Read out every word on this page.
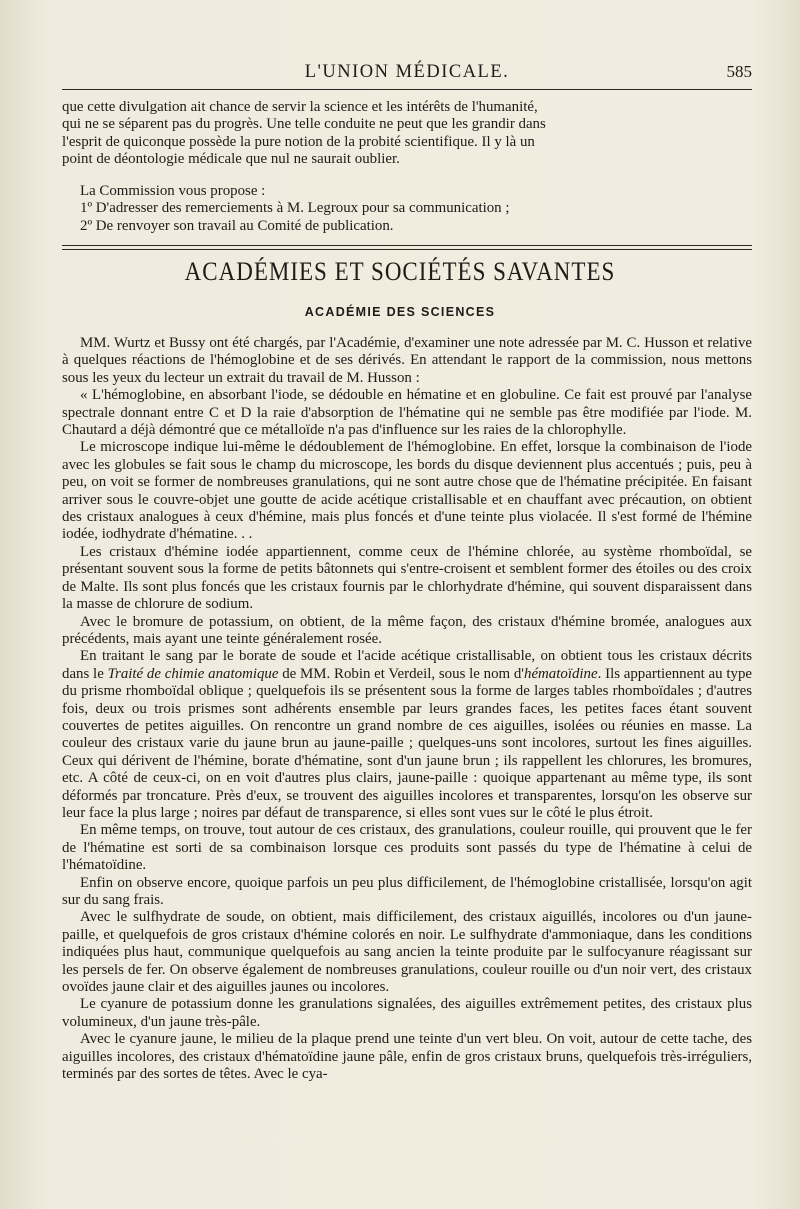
L'UNION MÉDICALE.	585
que cette divulgation ait chance de servir la science et les intérêts de l'humanité,
qui ne se séparent pas du progrès. Une telle conduite ne peut que les grandir dans
l'esprit de quiconque possède la pure notion de la probité scientifique. Il y là un
point de déontologie médicale que nul ne saurait oublier.
La Commission vous propose :
1º D'adresser des remerciements à M. Legroux pour sa communication ;
2º De renvoyer son travail au Comité de publication.
ACADÉMIES ET SOCIÉTÉS SAVANTES
ACADÉMIE DES SCIENCES

MM. Wurtz et Bussy ont été chargés, par l'Académie, d'examiner une note adressée par M. C. Husson et relative à quelques réactions de l'hémoglobine et de ses dérivés. En attendant le rapport de la commission, nous mettons sous les yeux du lecteur un extrait du travail de M. Husson :

« L'hémoglobine, en absorbant l'iode, se dédouble en hématine et en globuline. Ce fait est prouvé par l'analyse spectrale donnant entre C et D la raie d'absorption de l'hématine qui ne semble pas être modifiée par l'iode. M. Chautard a déjà démontré que ce métalloïde n'a pas d'influence sur les raies de la chlorophylle.

Le microscope indique lui-même le dédoublement de l'hémoglobine. En effet, lorsque la combinaison de l'iode avec les globules se fait sous le champ du microscope, les bords du disque deviennent plus accentués ; puis, peu à peu, on voit se former de nombreuses granulations, qui ne sont autre chose que de l'hématine précipitée. En faisant arriver sous le couvre-objet une goutte de acide acétique cristallisable et en chauffant avec précaution, on obtient des cristaux analogues à ceux d'hémine, mais plus foncés et d'une teinte plus violacée. Il s'est formé de l'hémine iodée, iodhydrate d'hématine. . .

Les cristaux d'hémine iodée appartiennent, comme ceux de l'hémine chlorée, au système rhomboïdal, se présentant souvent sous la forme de petits bâtonnets qui s'entre-croisent et semblent former des étoiles ou des croix de Malte. Ils sont plus foncés que les cristaux fournis par le chlorhydrate d'hémine, qui souvent disparaissent dans la masse de chlorure de sodium.

Avec le bromure de potassium, on obtient, de la même façon, des cristaux d'hémine bromée, analogues aux précédents, mais ayant une teinte généralement rosée.

En traitant le sang par le borate de soude et l'acide acétique cristallisable, on obtient tous les cristaux décrits dans le Traité de chimie anatomique de MM. Robin et Verdeil, sous le nom d'hématoïdine. Ils appartiennent au type du prisme rhomboïdal oblique ; quelquefois ils se présentent sous la forme de larges tables rhomboïdales ; d'autres fois, deux ou trois prismes sont adhérents ensemble par leurs grandes faces, les petites faces étant souvent couvertes de petites aiguilles. On rencontre un grand nombre de ces aiguilles, isolées ou réunies en masse. La couleur des cristaux varie du jaune brun au jaune-paille ; quelques-uns sont incolores, surtout les fines aiguilles. Ceux qui dérivent de l'hémine, borate d'hématine, sont d'un jaune brun ; ils rappellent les chlorures, les bromures, etc. A côté de ceux-ci, on en voit d'autres plus clairs, jaune-paille : quoique appartenant au même type, ils sont déformés par troncature. Près d'eux, se trouvent des aiguilles incolores et transparentes, lorsqu'on les observe sur leur face la plus large ; noires par défaut de transparence, si elles sont vues sur le côté le plus étroit.

En même temps, on trouve, tout autour de ces cristaux, des granulations, couleur rouille, qui prouvent que le fer de l'hématine est sorti de sa combinaison lorsque ces produits sont passés du type de l'hématine à celui de l'hématoïdine.

Enfin on observe encore, quoique parfois un peu plus difficilement, de l'hémoglobine cristallisée, lorsqu'on agit sur du sang frais.

Avec le sulfhydrate de soude, on obtient, mais difficilement, des cristaux aiguillés, incolores ou d'un jaune-paille, et quelquefois de gros cristaux d'hémine colorés en noir. Le sulfhydrate d'ammoniaque, dans les conditions indiquées plus haut, communique quelquefois au sang ancien la teinte produite par le sulfocyanure réagissant sur les persels de fer. On observe également de nombreuses granulations, couleur rouille ou d'un noir vert, des cristaux ovoïdes jaune clair et des aiguilles jaunes ou incolores.

Le cyanure de potassium donne les granulations signalées, des aiguilles extrêmement petites, des cristaux plus volumineux, d'un jaune très-pâle.

Avec le cyanure jaune, le milieu de la plaque prend une teinte d'un vert bleu. On voit, autour de cette tache, des aiguilles incolores, des cristaux d'hématoïdine jaune pâle, enfin de gros cristaux bruns, quelquefois très-irréguliers, terminés par des sortes de têtes. Avec le cya-
